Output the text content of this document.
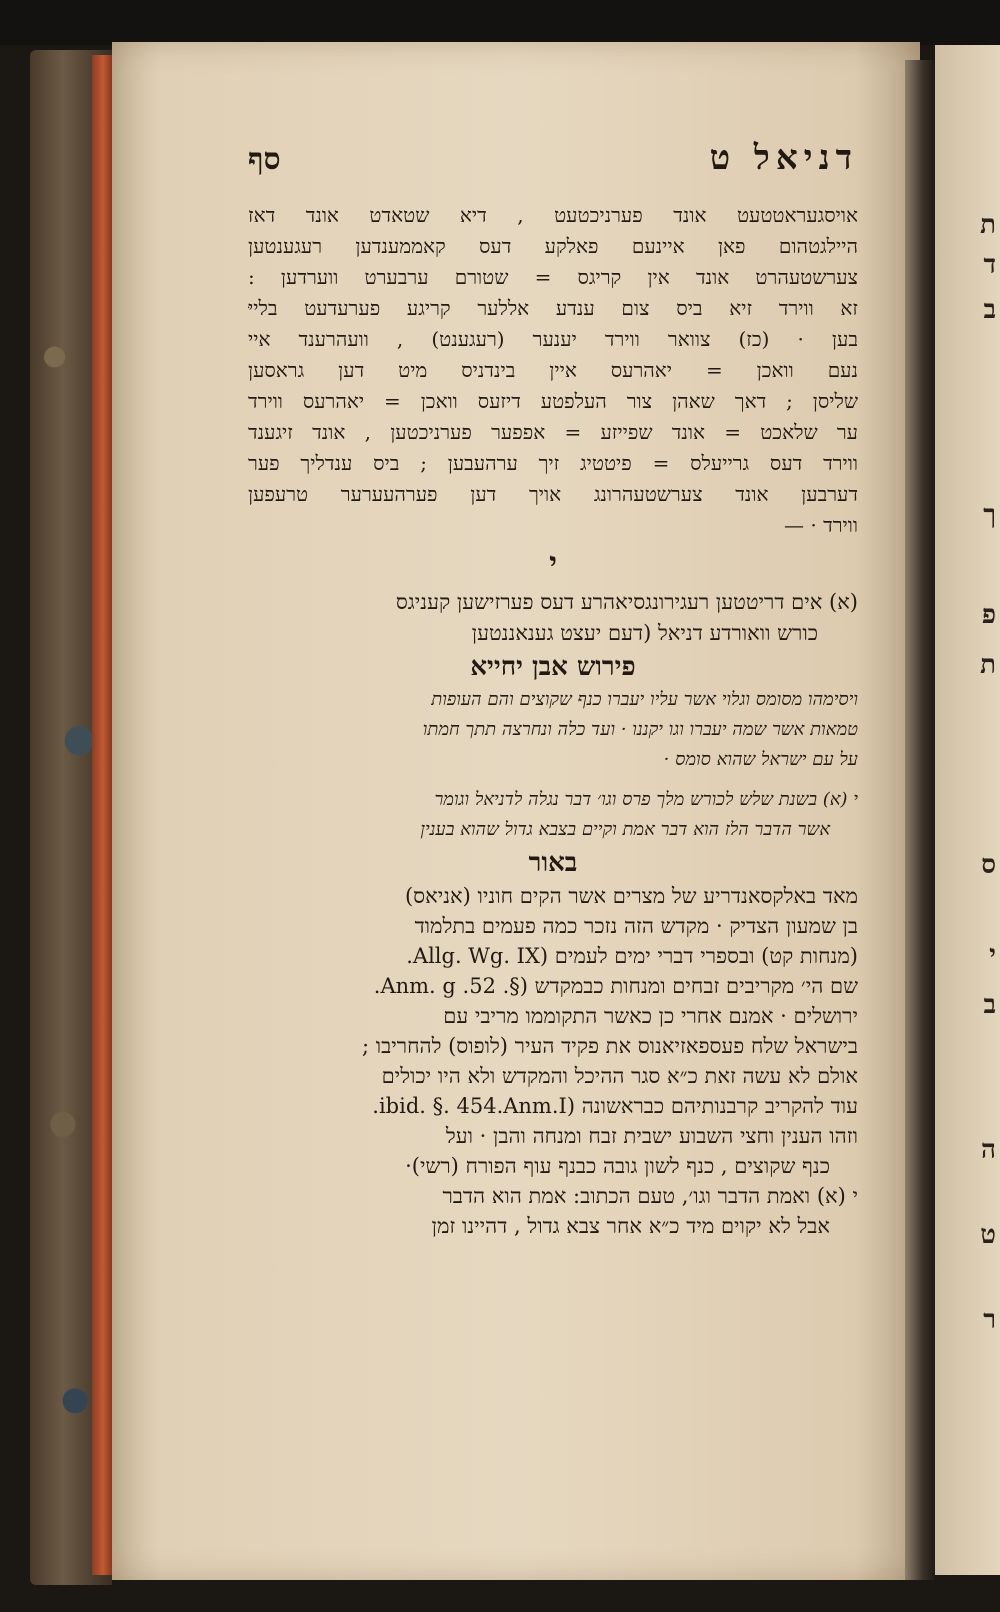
ת
ד
ב
ך
פ
ת
ס
י
ב
ה
ט
ר
דניאל ט
סף
אויסגעראטטעט אונד פערניכטעט , דיא שטאדט אונד דאז
היילגטהום פאן איינעם פאלקע דעס קאממענדען רעגענטען
צערשטעהרט אונד אין קריגס = שטורם ערבערט ווערדען :
זא ווירד זיא ביס צום ענדע אללער קריגע פערעדעט בלייּ
בען · (כז) צוואר ווירד יענער (רעגענט) , וועהרענד איי
נעם וואכן = יאהרעס איין בינדניס מיט דען גראסען
שליסן ; דאך שאהן צור העלפטע דיזעס וואכן = יאהרעס ווירד
ער שלאכט = אונד שפייזע = אפפער פערניכטען , אונד זיגענד
ווירד דעס גרייעלס = פיטטיג זיך ערהעבען ; ביס ענדליך פער
דערבען אונד צערשטעהרונג אויך דען פערהעערער טרעפען
ווירד · —
י
(א) אים דריטטען רעגירונגסיאהרע דעס פערזישען קעניגס
כורש וואורדע דניאל (דעם יעצט גענאננטען
פירוש אבן יחייא
ויסימהו מסומס וגלוי אשר עליו יעברו כנף שקוצים והם העופות
טמאות אשר שמה יעברו וגו יקננו · ועד כלה ונחרצה תתך חמתו
על עם ישראל שהוא סומס ·
י (א) בשנת שלש לכורש מלך פרס וגו׳ דבר נגלה לדניאל וגומר
אשר הדבר הלז הוא דבר אמת וקיים בצבא גדול שהוא בענין
באור
מאד באלקסאנדריע של מצרים אשר הקים חוניו (אניאס)
בן שמעון הצדיק · מקדש הזה נזכר כמה פעמים בתלמוד
(מנחות קט) ובספרי דברי ימים לעמים (Allg. Wg. IX.
שם הי׳ מקריבים זבחים ומנחות כבמקדש (§. 52. Anm. g.
ירושלים · אמנם אחרי כן כאשר התקוממו מריבי עם
בישראל שלח פעספאזיאנוס את פקיד העיר (לופוס) להחריבו ;
אולם לא עשה זאת כ״א סגר ההיכל והמקדש ולא היו יכולים
עוד להקריב קרבנותיהם כבראשונה (ibid. §. 454.Anm.I.
וזהו הענין וחצי השבוע ישבית זבח ומנחה והבן · ועל
כנף שקוצים , כנף לשון גובה כבנף עוף הפורח (רשי)·
י (א) ואמת הדבר וגו׳, טעם הכתוב: אמת הוא הדבר
אבל לא יקוים מיד כ״א אחר צבא גדול , דהיינו זמן
